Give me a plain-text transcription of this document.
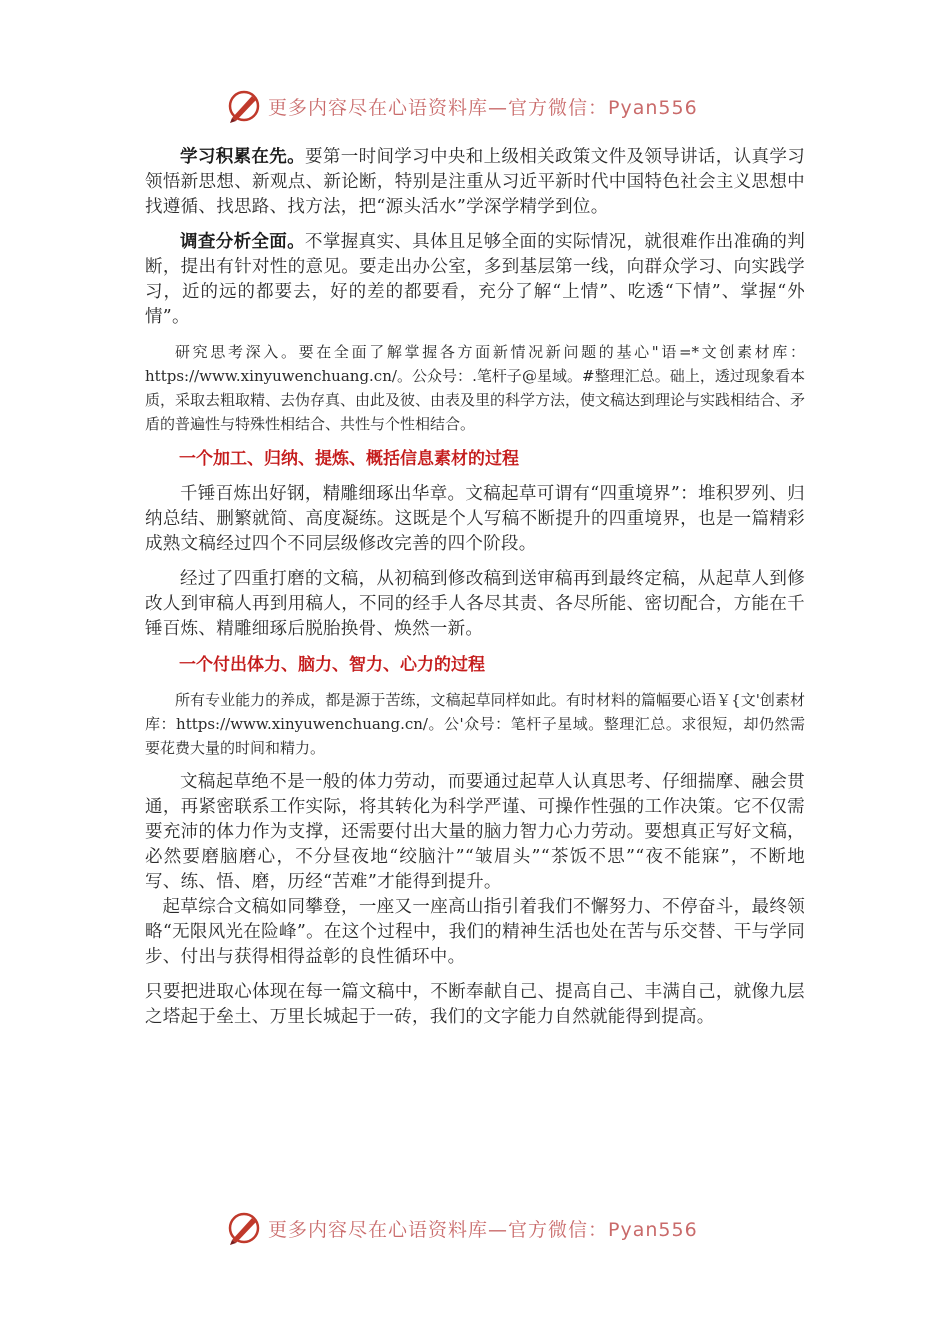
更多内容尽在心语资料库—官方微信：Pyan556

学习积累在先。要第一时间学习中央和上级相关政策文件及领导讲话，认真学习领悟新思想、新观点、新论断，特别是注重从习近平新时代中国特色社会主义思想中找遵循、找思路、找方法，把“源头活水”学深学精学到位。

调查分析全面。不掌握真实、具体且足够全面的实际情况，就很难作出准确的判断，提出有针对性的意见。要走出办公室，多到基层第一线，向群众学习、向实践学习，近的远的都要去，好的差的都要看，充分了解“上情”、吃透“下情”、掌握“外情”。

研究思考深入。要在全面了解掌握各方面新情况新问题的基心"语=*文创素材库：https://www.xinyuwenchuang.cn/。公众号：.笔杆子@星域。#整理汇总。础上，透过现象看本质，采取去粗取精、去伪存真、由此及彼、由表及里的科学方法，使文稿达到理论与实践相结合、矛盾的普遍性与特殊性相结合、共性与个性相结合。

一个加工、归纳、提炼、概括信息素材的过程

千锤百炼出好钢，精雕细琢出华章。文稿起草可谓有“四重境界”：堆积罗列、归纳总结、删繁就简、高度凝练。这既是个人写稿不断提升的四重境界，也是一篇精彩成熟文稿经过四个不同层级修改完善的四个阶段。

经过了四重打磨的文稿，从初稿到修改稿到送审稿再到最终定稿，从起草人到修改人到审稿人再到用稿人，不同的经手人各尽其责、各尽所能、密切配合，方能在千锤百炼、精雕细琢后脱胎换骨、焕然一新。

一个付出体力、脑力、智力、心力的过程

所有专业能力的养成，都是源于苦练，文稿起草同样如此。有时材料的篇幅要心语￥{文'创素材库：https://www.xinyuwenchuang.cn/。公'众号：笔杆子星域。整理汇总。求很短，却仍然需要花费大量的时间和精力。

文稿起草绝不是一般的体力劳动，而要通过起草人认真思考、仔细揣摩、融会贯通，再紧密联系工作实际，将其转化为科学严谨、可操作性强的工作决策。它不仅需要充沛的体力作为支撑，还需要付出大量的脑力智力心力劳动。要想真正写好文稿，必然要磨脑磨心，不分昼夜地“绞脑汁”“皱眉头”“茶饭不思”“夜不能寐”，不断地写、练、悟、磨，历经“苦难”才能得到提升。

起草综合文稿如同攀登，一座又一座高山指引着我们不懈努力、不停奋斗，最终领略“无限风光在险峰”。在这个过程中，我们的精神生活也处在苦与乐交替、干与学同步、付出与获得相得益彰的良性循环中。

只要把进取心体现在每一篇文稿中，不断奉献自己、提高自己、丰满自己，就像九层之塔起于垒土、万里长城起于一砖，我们的文字能力自然就能得到提高。

更多内容尽在心语资料库—官方微信：Pyan556
